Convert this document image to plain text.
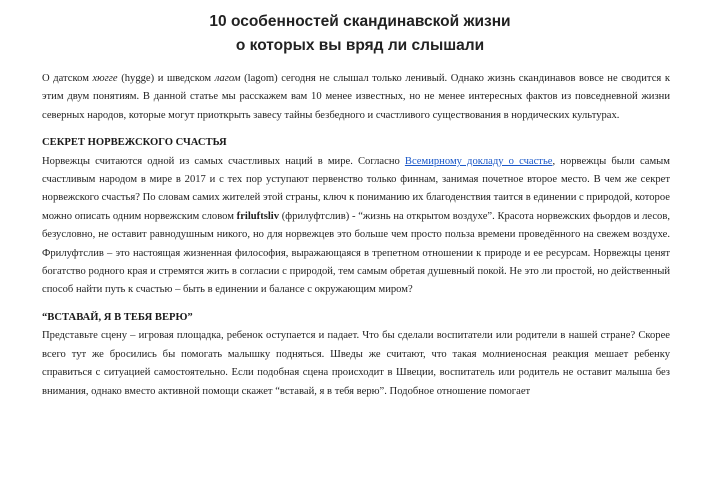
10 особенностей скандинавской жизни
о которых вы вряд ли слышали

О датском хюгге (hygge) и шведском лагом (lagom) сегодня не слышал только ленивый. Однако жизнь скандинавов вовсе не сводится к этим двум понятиям. В данной статье мы расскажем вам 10 менее известных, но не менее интересных фактов из повседневной жизни северных народов, которые могут приоткрыть завесу тайны безбедного и счастливого существования в нордических культурах.

СЕКРЕТ НОРВЕЖСКОГО СЧАСТЬЯ

Норвежцы считаются одной из самых счастливых наций в мире. Согласно Всемирному докладу о счастье, норвежцы были самым счастливым народом в мире в 2017 и с тех пор уступают первенство только финнам, занимая почетное второе место. В чем же секрет норвежского счастья? По словам самих жителей этой страны, ключ к пониманию их благоденствия таится в единении с природой, которое можно описать одним норвежским словом friluftsliv (фрилуфтслив) - “жизнь на открытом воздухе”. Красота норвежских фьордов и лесов, безусловно, не оставит равнодушным никого, но для норвежцев это больше чем просто польза времени проведённого на свежем воздухе. Фрилуфтслив – это настоящая жизненная философия, выражающаяся в трепетном отношении к природе и ее ресурсам. Норвежцы ценят богатство родного края и стремятся жить в согласии с природой, тем самым обретая душевный покой. Не это ли простой, но действенный способ найти путь к счастью – быть в единении и балансе с окружающим миром?

“ВСТАВАЙ, Я В ТЕБЯ ВЕРЮ”

Представьте сцену – игровая площадка, ребенок оступается и падает. Что бы сделали воспитатели или родители в нашей стране? Скорее всего тут же бросились бы помогать малышку подняться. Шведы же считают, что такая молниеносная реакция мешает ребенку справиться с ситуацией самостоятельно. Если подобная сцена происходит в Швеции, воспитатель или родитель не оставит малыша без внимания, однако вместо активной помощи скажет “вставай, я в тебя верю”. Подобное отношение помогает
